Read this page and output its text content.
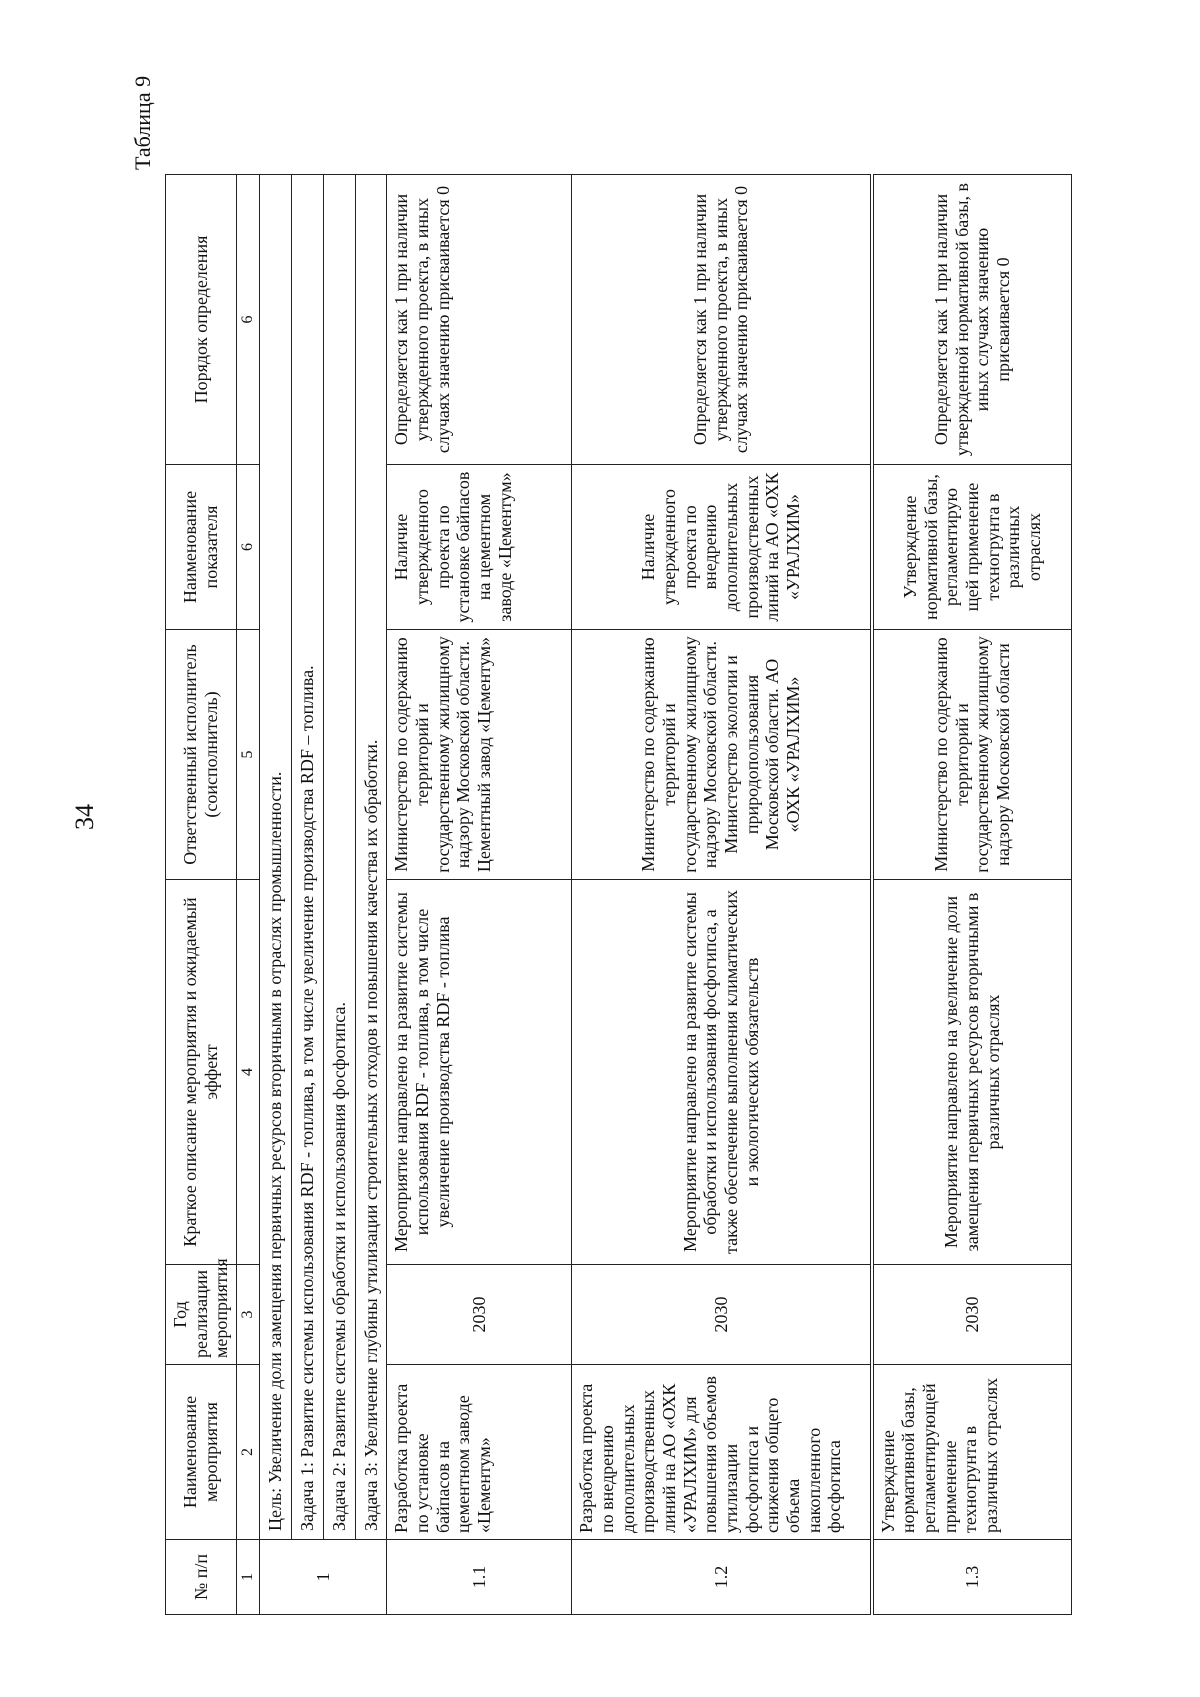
34
Таблица 9
№ п/п	Наименование мероприятия	Год реализации мероприятия	Краткое описание мероприятия и ожидаемый эффект	Ответственный исполнитель (соисполнитель)	Наименование показателя	Порядок определения
1	2	3	4	5	6	6
1	Цель: Увеличение доли замещения первичных ресурсов вторичными в отраслях промышленности.					
	Задача 1: Развитие системы использования RDF - топлива, в том числе увеличение производства RDF – топлива.					
	Задача 2: Развитие системы обработки и использования фосфогипса.					
	Задача 3: Увеличение глубины утилизации строительных отходов и повышения качества их обработки.					
1.1	Разработка проекта по установке байпасов на цементном заводе «Цементум»	2030	Мероприятие направлено на развитие системы использования RDF - топлива, в том числе увеличение производства RDF - топлива	Министерство по содержанию территорий и государственному жилищному надзору Московской области. Цементный завод «Цементум»	Наличие утвержденного проекта по установке байпасов на цементном заводе «Цементум»	Определяется как 1 при наличии утвержденного проекта, в иных случаях значению присваивается 0
1.2	Разработка проекта по внедрению дополнительных производственных линий на АО «ОХК «УРАЛХИМ» для повышения объемов утилизации фосфогипса и снижения общего объема накопленного фосфогипса	2030	Мероприятие направлено на развитие системы обработки и использования фосфогипса, а также обеспечение выполнения климатических и экологических обязательств	Министерство по содержанию территорий и государственному жилищному надзору Московской области. Министерство экологии и природопользования Московской области. АО «ОХК «УРАЛХИМ»	Наличие утвержденного проекта по внедрению дополнительных производственных линий на АО «ОХК «УРАЛХИМ»	Определяется как 1 при наличии утвержденного проекта, в иных случаях значению присваивается 0
1.3	Утверждение нормативной базы, регламентирующей применение техногрунта в различных отраслях	2030	Мероприятие направлено на увеличение доли замещения первичных ресурсов вторичными в различных отраслях	Министерство по содержанию территорий и государственному жилищному надзору Московской области	Утверждение нормативной базы, регламентирую щей применение техногрунта в различных отраслях	Определяется как 1 при наличии утвержденной нормативной базы, в иных случаях значению присваивается 0
